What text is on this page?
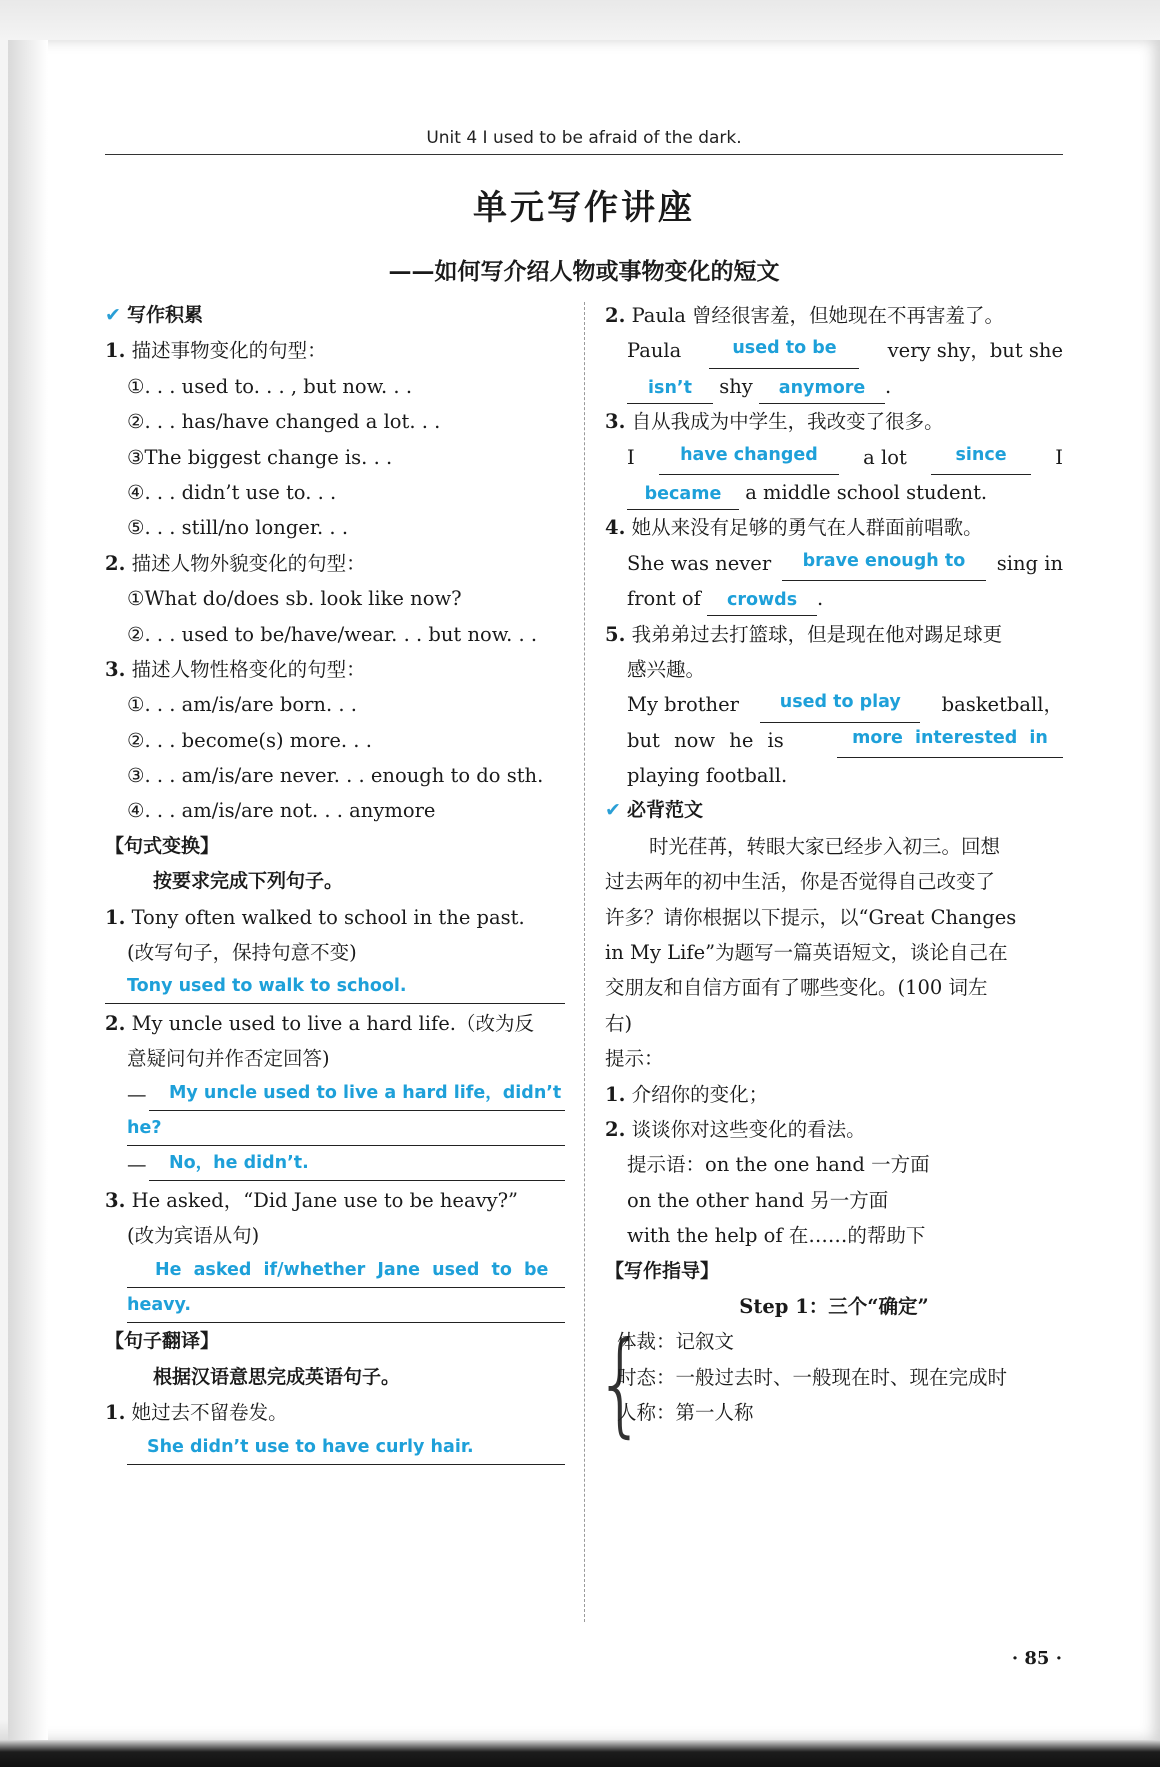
Unit 4 I used to be afraid of the dark.
单元写作讲座
——如何写介绍人物或事物变化的短文
✔ 写作积累
1. 描述事物变化的句型：
①. . . used to. . . , but now. . .
②. . . has/have changed a lot. . .
③The biggest change is. . .
④. . . didn’t use to. . .
⑤. . . still/no longer. . .
2. 描述人物外貌变化的句型：
①What do/does sb. look like now?
②. . . used to be/have/wear. . . but now. . .
3. 描述人物性格变化的句型：
①. . . am/is/are born. . .
②. . . become(s) more. . .
③. . . am/is/are never. . . enough to do sth.
④. . . am/is/are not. . . anymore
【句式变换】
按要求完成下列句子。
1. Tony often walked to school in the past.
(改写句子，保持句意不变)
Tony used to walk to school.
2. My uncle used to live a hard life.（改为反
意疑问句并作否定回答)
—	My uncle used to live a hard life，didn’t
he?
—	No，he didn’t.
3. He asked，“Did Jane use to be heavy?”
(改为宾语从句)
He asked if/whether Jane used to be
heavy.
【句子翻译】
根据汉语意思完成英语句子。
1. 她过去不留卷发。
She didn’t use to have curly hair.
2. Paula 曾经很害羞，但她现在不再害羞了。
Paula	used to be	very shy，but she
isn’t shy anymore .
3. 自从我成为中学生，我改变了很多。
I	have changed	a lot	since	I
became a middle school student.
4. 她从来没有足够的勇气在人群面前唱歌。
She was never	brave enough to	sing in
front of crowds .
5. 我弟弟过去打篮球，但是现在他对踢足球更
感兴趣。
My brother	used to play	basketball，
but now he is	more interested in
playing football.
✔ 必背范文
时光荏苒，转眼大家已经步入初三。回想
过去两年的初中生活，你是否觉得自己改变了
许多？请你根据以下提示，以“Great Changes
in My Life”为题写一篇英语短文，谈论自己在
交朋友和自信方面有了哪些变化。(100 词左
右)
提示：
1. 介绍你的变化；
2. 谈谈你对这些变化的看法。
提示语：on the one hand 一方面
on the other hand 另一方面
with the help of 在……的帮助下
【写作指导】
Step 1：三个“确定”
{
体裁：记叙文
时态：一般过去时、一般现在时、现在完成时
人称：第一人称
· 85 ·
